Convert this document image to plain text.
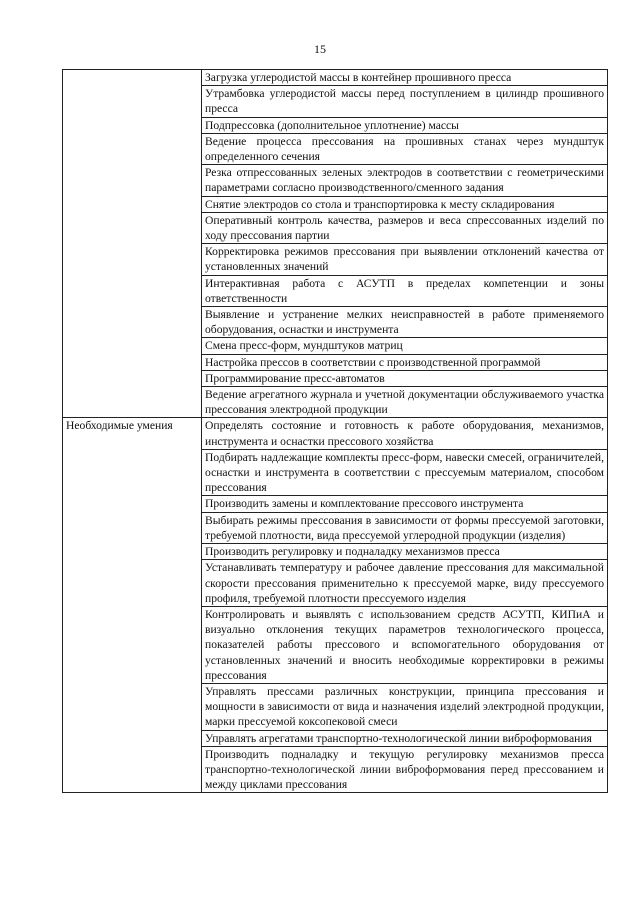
15
	Загрузка углеродистой массы в контейнер прошивного пресса
	Утрамбовка углеродистой массы перед поступлением в цилиндр прошивного пресса
	Подпрессовка (дополнительное уплотнение) массы
	Ведение процесса прессования на прошивных станах через мундштук определенного сечения
	Резка отпрессованных зеленых электродов в соответствии с геометрическими параметрами согласно производственного/сменного задания
	Снятие электродов со стола и транспортировка к месту складирования
	Оперативный контроль качества, размеров и веса спрессованных изделий по ходу прессования партии
	Корректировка режимов прессования при выявлении отклонений качества от установленных значений
	Интерактивная работа с АСУТП в пределах компетенции и зоны ответственности
	Выявление и устранение мелких неисправностей в работе применяемого оборудования, оснастки и инструмента
	Смена пресс-форм, мундштуков матриц
	Настройка прессов в соответствии с производственной программой
	Программирование пресс-автоматов
	Ведение агрегатного журнала и учетной документации обслуживаемого участка прессования электродной продукции
Необходимые умения	Определять состояние и готовность к работе оборудования, механизмов, инструмента и оснастки прессового хозяйства
	Подбирать надлежащие комплекты пресс-форм, навески смесей, ограничителей, оснастки и инструмента в соответствии с прессуемым материалом, способом прессования
	Производить замены и комплектование прессового инструмента
	Выбирать режимы прессования в зависимости от формы прессуемой заготовки, требуемой плотности, вида прессуемой углеродной продукции (изделия)
	Производить регулировку и подналадку механизмов пресса
	Устанавливать температуру и рабочее давление прессования для максимальной скорости прессования применительно к прессуемой марке, виду прессуемого профиля, требуемой плотности прессуемого изделия
	Контролировать и выявлять с использованием средств АСУТП, КИПиА и визуально отклонения текущих параметров технологического процесса, показателей работы прессового и вспомогательного оборудования от установленных значений и вносить необходимые корректировки в режимы прессования
	Управлять прессами различных конструкции, принципа прессования и мощности в зависимости от вида и назначения изделий электродной продукции, марки прессуемой коксопековой смеси
	Управлять агрегатами транспортно-технологической линии виброформования
	Производить подналадку и текущую регулировку механизмов пресса транспортно-технологической линии виброформования перед прессованием и между циклами прессования
